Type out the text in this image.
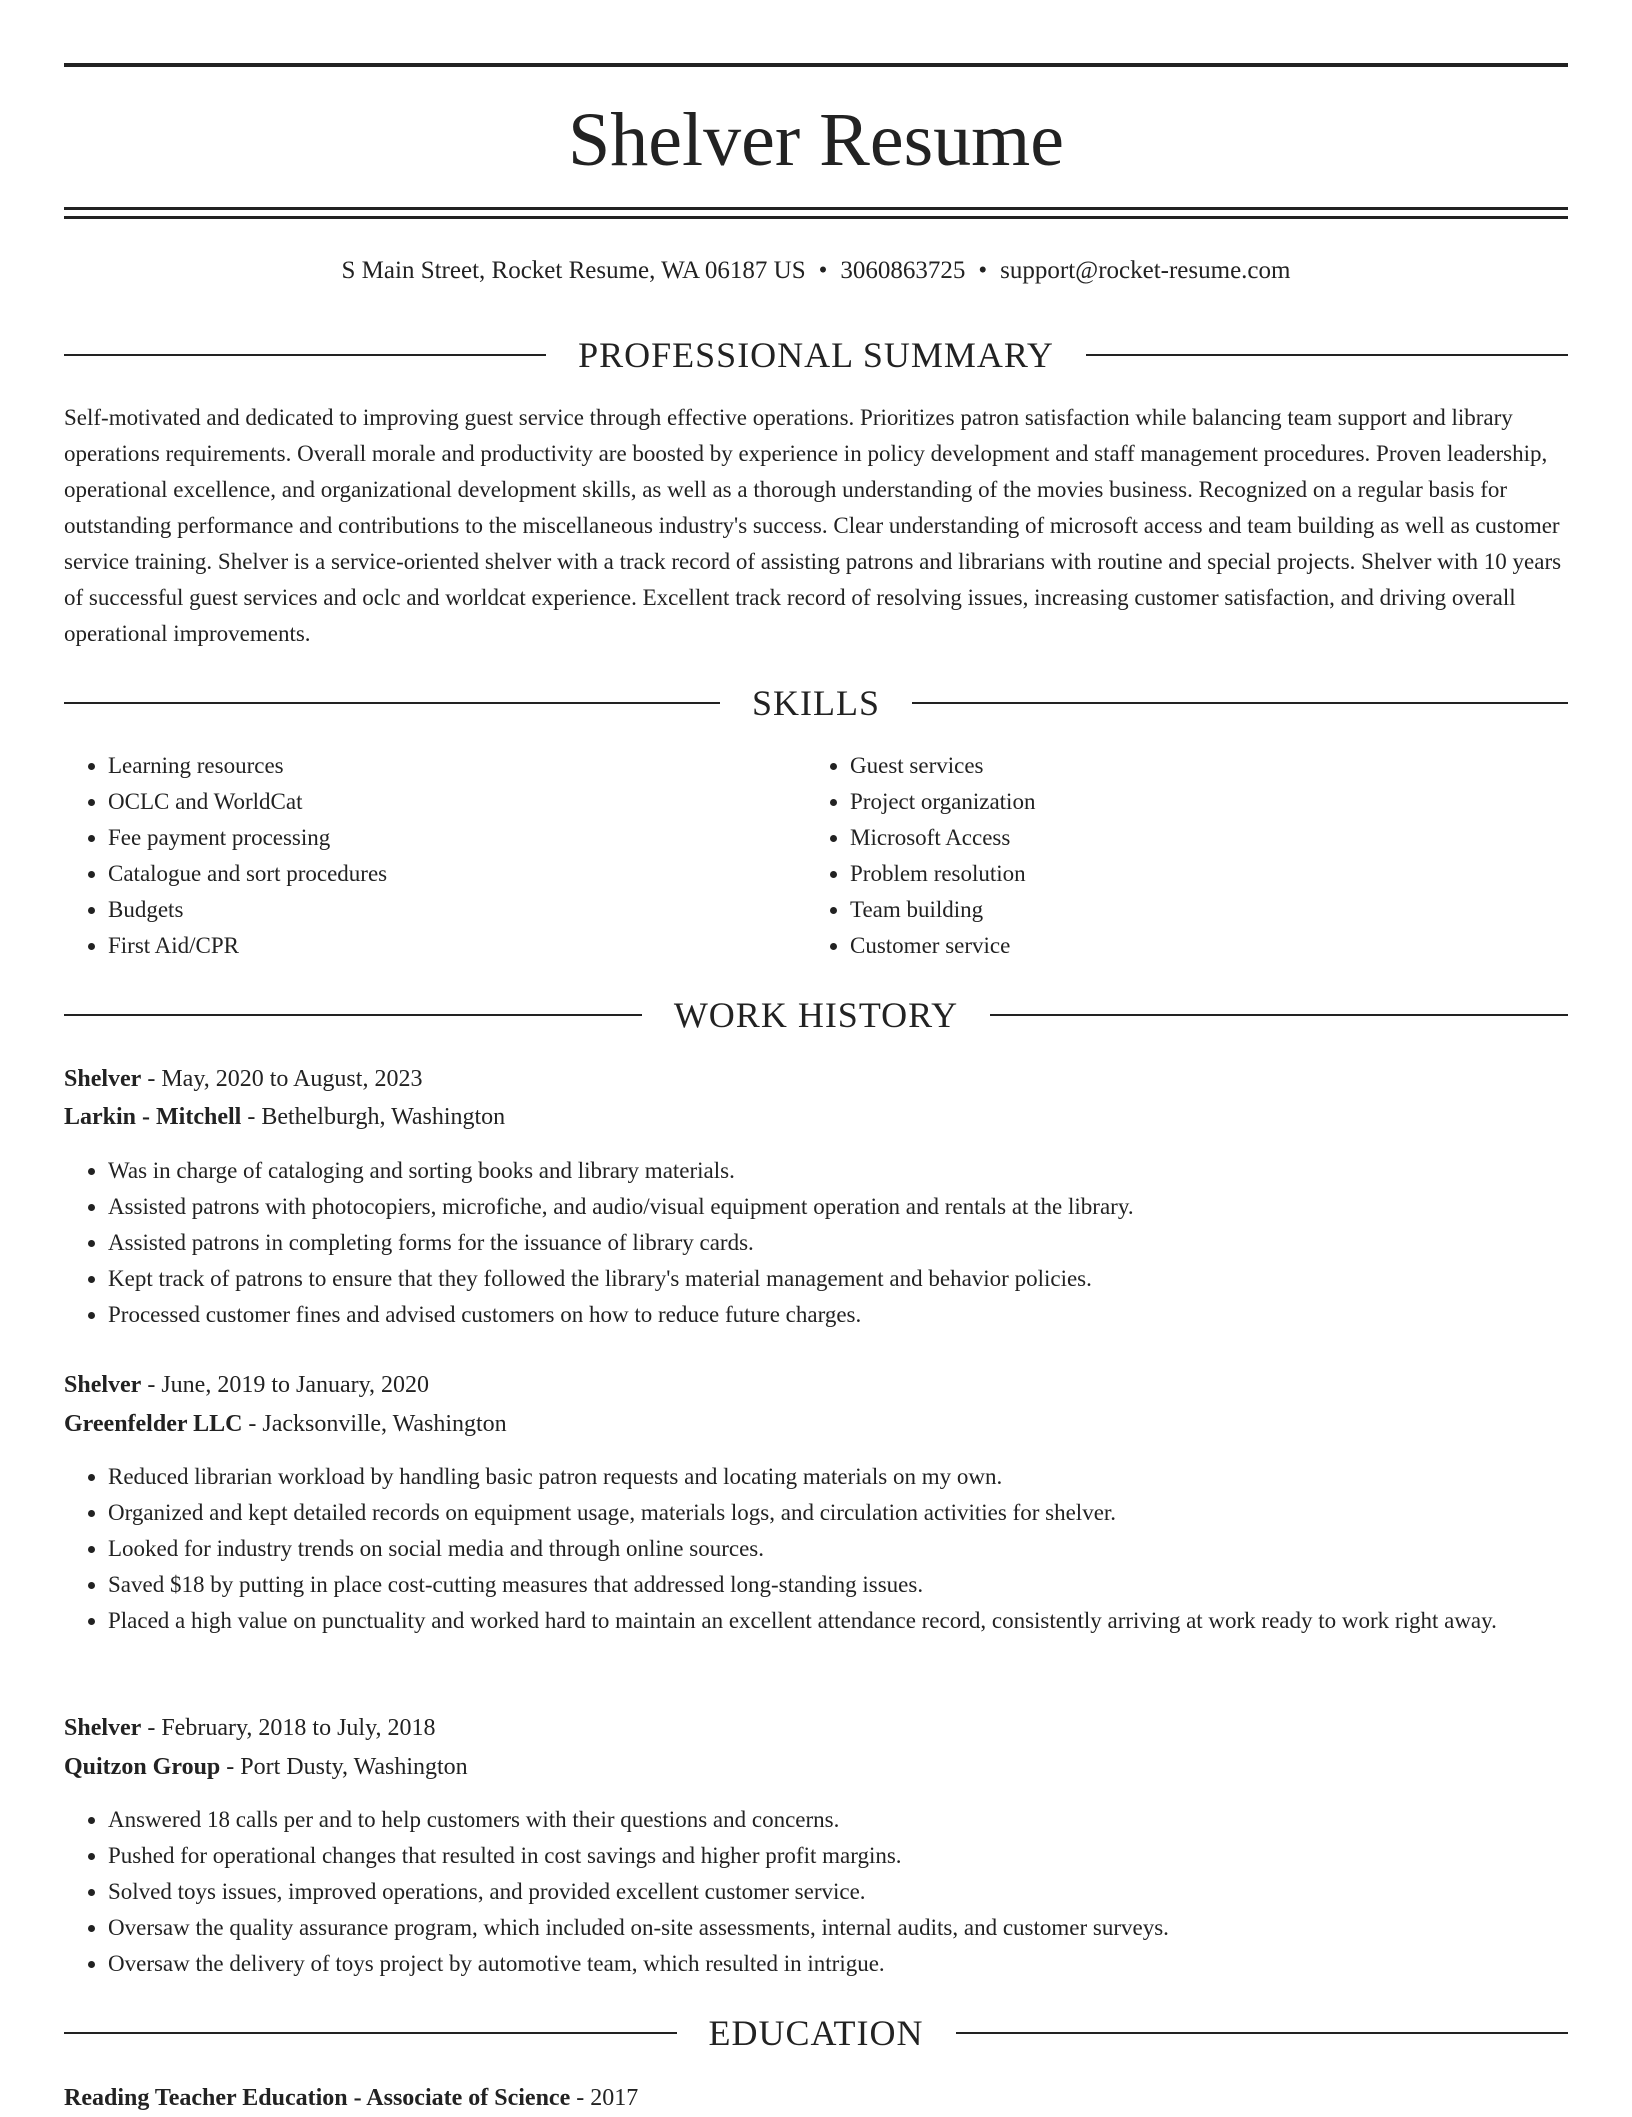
Shelver Resume
S Main Street, Rocket Resume, WA 06187 US • 3060863725 • support@rocket-resume.com
PROFESSIONAL SUMMARY

Self-motivated and dedicated to improving guest service through effective operations. Prioritizes patron satisfaction while balancing team support and library operations requirements. Overall morale and productivity are boosted by experience in policy development and staff management procedures. Proven leadership, operational excellence, and organizational development skills, as well as a thorough understanding of the movies business. Recognized on a regular basis for outstanding performance and contributions to the miscellaneous industry's success. Clear understanding of microsoft access and team building as well as customer service training. Shelver is a service-oriented shelver with a track record of assisting patrons and librarians with routine and special projects. Shelver with 10 years of successful guest services and oclc and worldcat experience. Excellent track record of resolving issues, increasing customer satisfaction, and driving overall operational improvements.

SKILLS
• Learning resources
• OCLC and WorldCat
• Fee payment processing
• Catalogue and sort procedures
• Budgets
• First Aid/CPR
• Guest services
• Project organization
• Microsoft Access
• Problem resolution
• Team building
• Customer service
WORK HISTORY
Shelver - May, 2020 to August, 2023
Larkin - Mitchell - Bethelburgh, Washington
• Was in charge of cataloging and sorting books and library materials.
• Assisted patrons with photocopiers, microfiche, and audio/visual equipment operation and rentals at the library.
• Assisted patrons in completing forms for the issuance of library cards.
• Kept track of patrons to ensure that they followed the library's material management and behavior policies.
• Processed customer fines and advised customers on how to reduce future charges.
Shelver - June, 2019 to January, 2020
Greenfelder LLC - Jacksonville, Washington
• Reduced librarian workload by handling basic patron requests and locating materials on my own.
• Organized and kept detailed records on equipment usage, materials logs, and circulation activities for shelver.
• Looked for industry trends on social media and through online sources.
• Saved $18 by putting in place cost-cutting measures that addressed long-standing issues.
• Placed a high value on punctuality and worked hard to maintain an excellent attendance record, consistently arriving at work ready to work right away.
Shelver - February, 2018 to July, 2018
Quitzon Group - Port Dusty, Washington
• Answered 18 calls per and to help customers with their questions and concerns.
• Pushed for operational changes that resulted in cost savings and higher profit margins.
• Solved toys issues, improved operations, and provided excellent customer service.
• Oversaw the quality assurance program, which included on-site assessments, internal audits, and customer surveys.
• Oversaw the delivery of toys project by automotive team, which resulted in intrigue.
EDUCATION
Reading Teacher Education - Associate of Science - 2017
